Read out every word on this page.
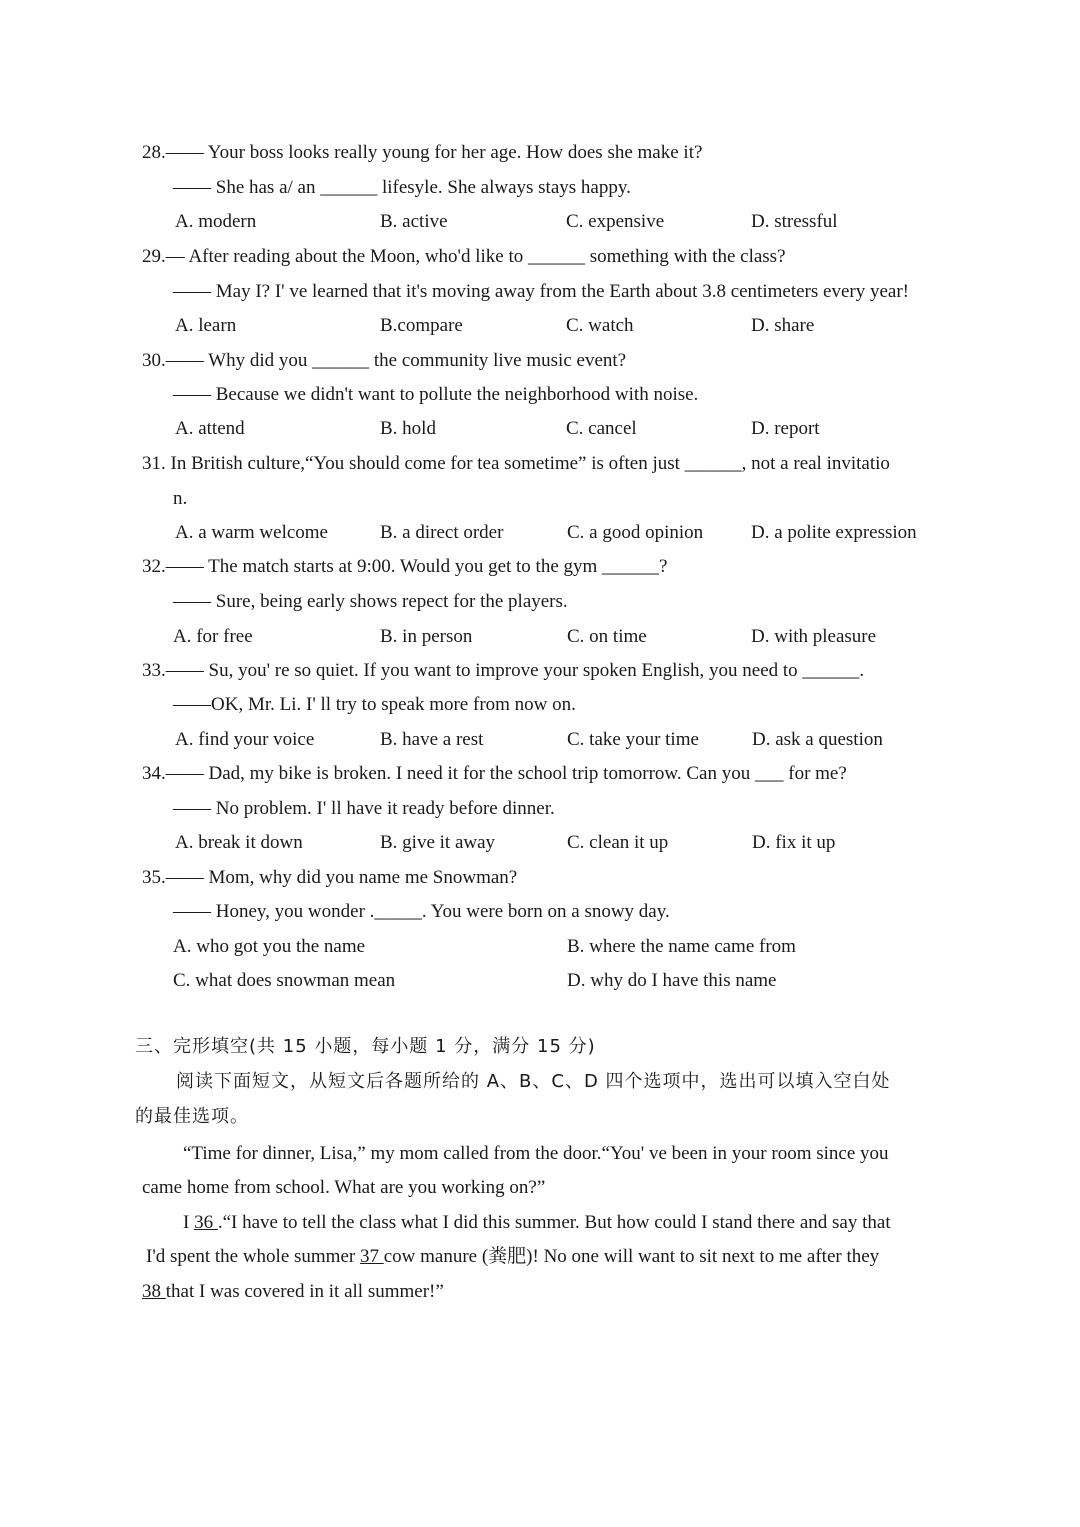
28.—— Your boss looks really young for her age. How does she make it?
—— She has a/ an ______ lifesyle. She always stays happy.
A. modern	B. active	C. expensive	D. stressful
29.— After reading about the Moon, who'd like to ______ something with the class?
—— May I? I' ve learned that it's moving away from the Earth about 3.8 centimeters every year!
A. learn	B.compare	C. watch	D. share
30.—— Why did you ______ the community live music event?
—— Because we didn't want to pollute the neighborhood with noise.
A. attend	B. hold	C. cancel	D. report
31. In British culture,“You should come for tea sometime” is often just ______, not a real invitatio
n.
A. a warm welcome	B. a direct order	C. a good opinion	D. a polite expression
32.—— The match starts at 9:00. Would you get to the gym ______?
—— Sure, being early shows repect for the players.
A. for free	B. in person	C. on time	D. with pleasure
33.—— Su, you' re so quiet. If you want to improve your spoken English, you need to ______.
——OK, Mr. Li. I' ll try to speak more from now on.
A. find your voice	B. have a rest	C. take your time	D. ask a question
34.—— Dad, my bike is broken. I need it for the school trip tomorrow. Can you ___ for me?
—— No problem. I' ll have it ready before dinner.
A. break it down	B. give it away	C. clean it up	D. fix it up
35.—— Mom, why did you name me Snowman?
—— Honey, you wonder ._____. You were born on a snowy day.
A. who got you the name	B. where the name came from
C. what does snowman mean	D. why do I have this name
三、完形填空(共 15 小题，每小题 1 分，满分 15 分)
阅读下面短文，从短文后各题所给的 A、B、C、D 四个选项中，选出可以填入空白处
的最佳选项。
“Time for dinner, Lisa,” my mom called from the door.“You' ve been in your room since you
came home from school. What are you working on?”
I 36 .“I have to tell the class what I did this summer. But how could I stand there and say that
I'd spent the whole summer 37 cow manure (粪肥)! No one will want to sit next to me after they
38 that I was covered in it all summer!”
